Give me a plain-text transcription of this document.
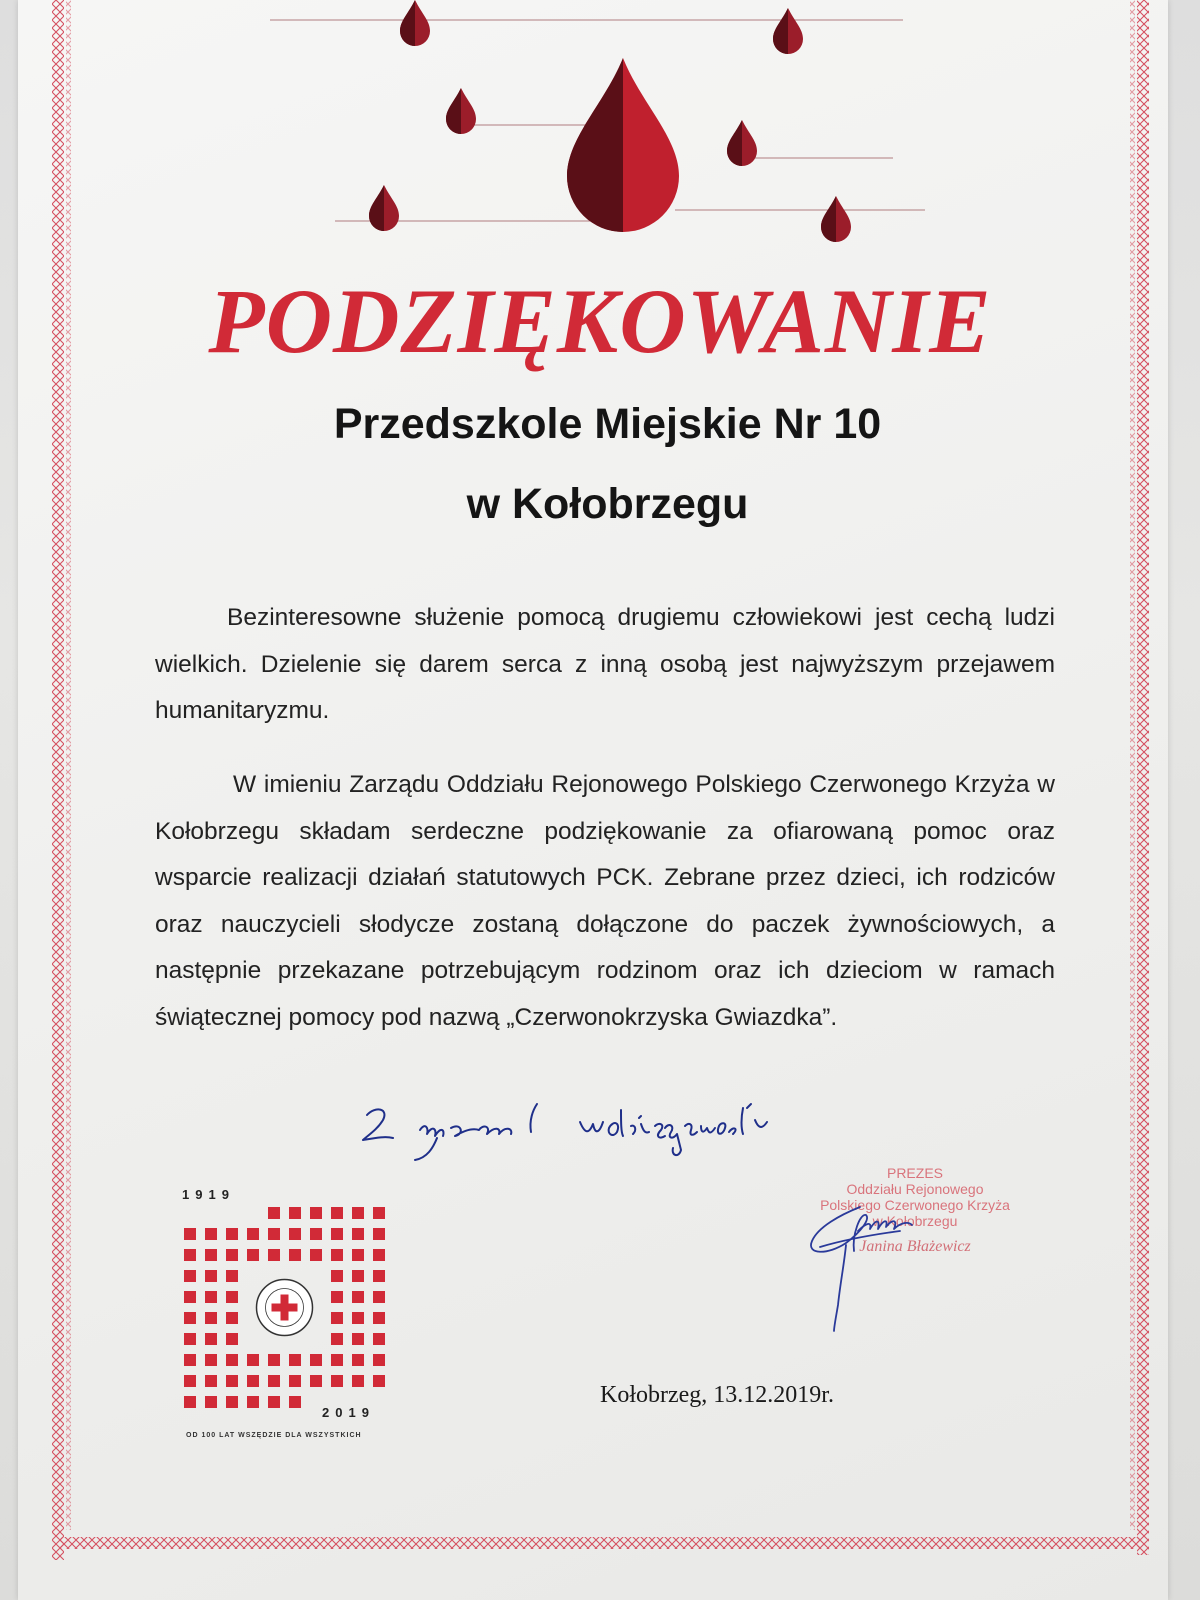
PODZIĘKOWANIE
Przedszkole Miejskie Nr 10
w Kołobrzegu

Bezinteresowne służenie pomocą drugiemu człowiekowi jest cechą ludzi wielkich. Dzielenie się darem serca z inną osobą jest najwyższym przejawem humanitaryzmu.

W imieniu Zarządu Oddziału Rejonowego Polskiego Czerwonego Krzyża w Kołobrzegu składam serdeczne podziękowanie za ofiarowaną pomoc oraz wsparcie realizacji działań statutowych PCK. Zebrane przez dzieci, ich rodziców oraz nauczycieli słodycze zostaną dołączone do paczek żywnościowych, a następnie przekazane potrzebującym rodzinom oraz ich dzieciom w ramach świątecznej pomocy pod nazwą „Czerwonokrzyska Gwiazdka”.

PREZES
Oddziału Rejonowego
Polskiego Czerwonego Krzyża
w Kołobrzegu
Janina Błażewicz
1919
2019
OD 100 LAT WSZĘDZIE DLA WSZYSTKICH
Kołobrzeg, 13.12.2019r.
